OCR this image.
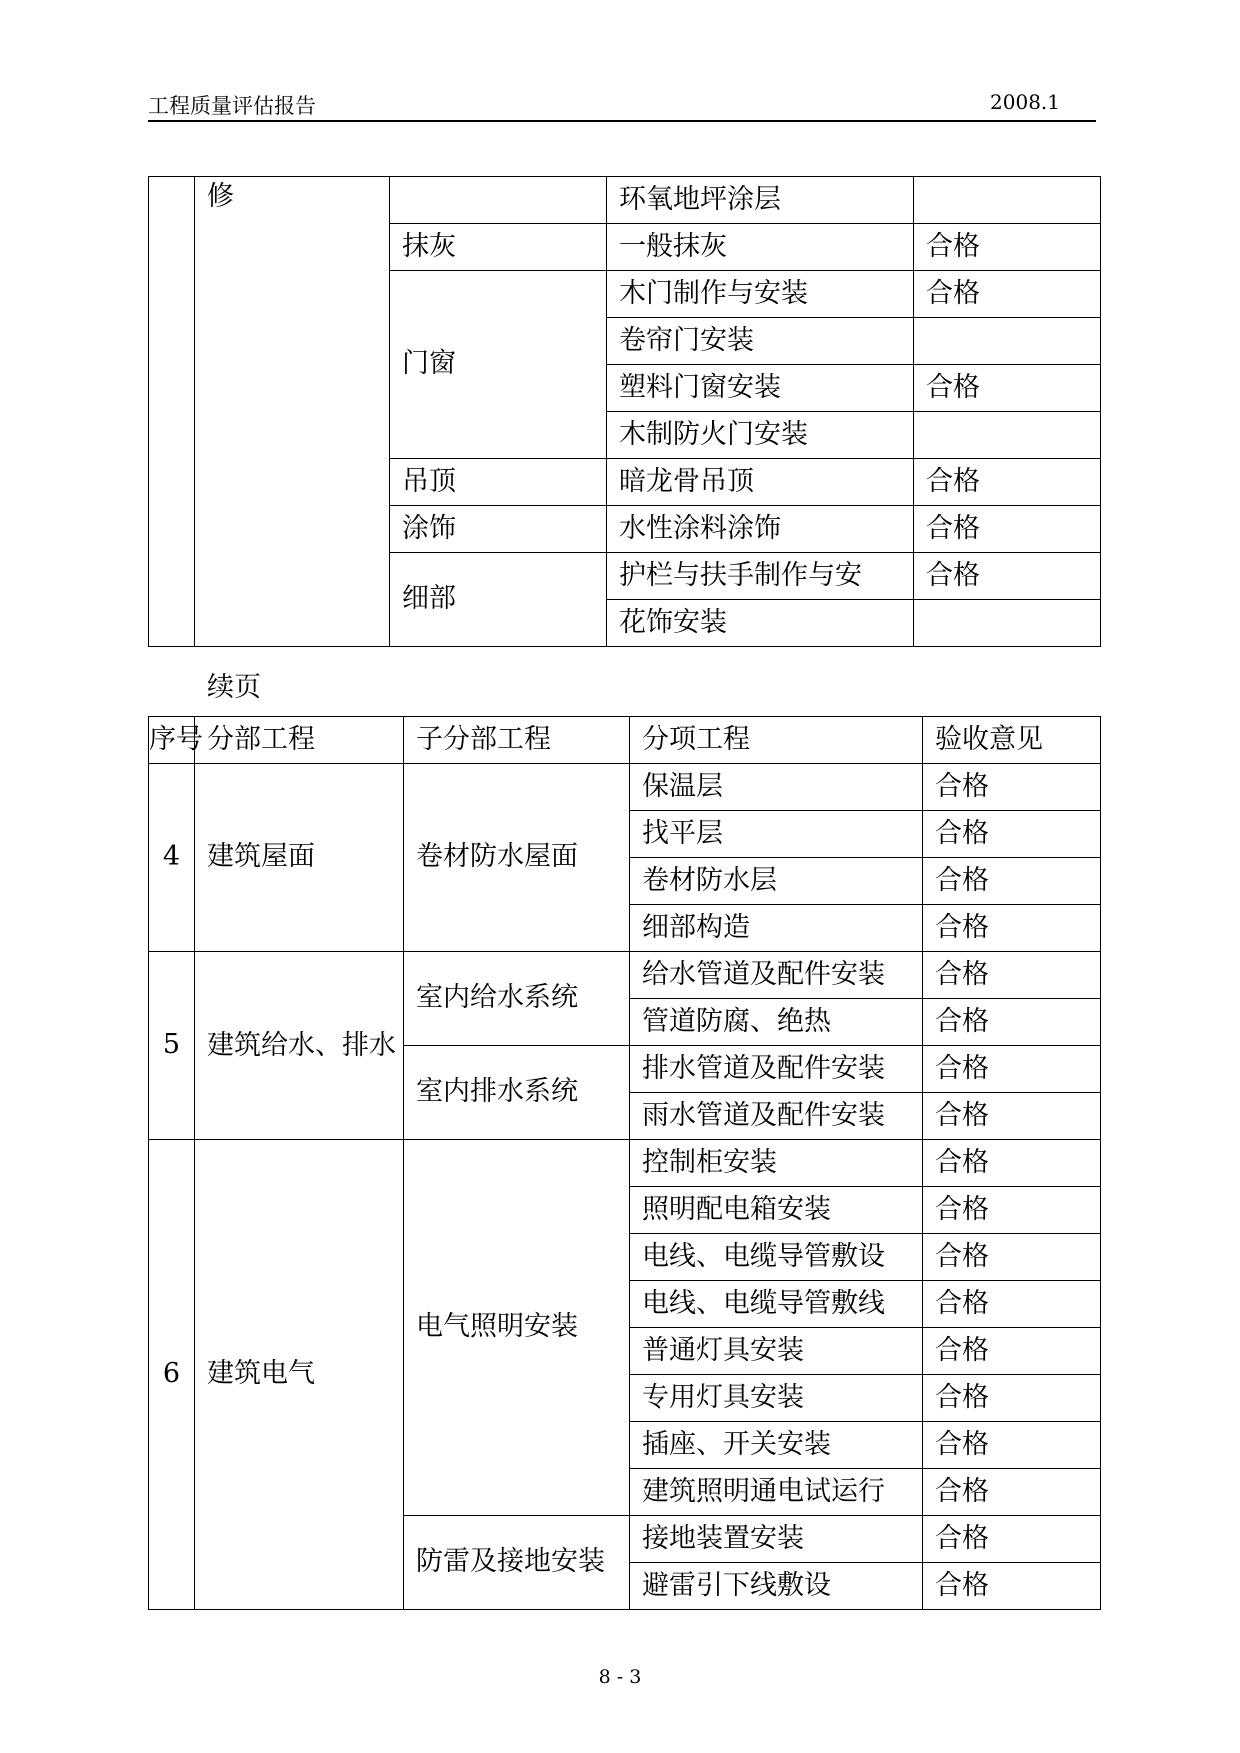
工程质量评估报告	2008.1
	修		环氧地坪涂层	
		抹灰	一般抹灰	合格
		门窗	木门制作与安装	合格
			卷帘门安装	
			塑料门窗安装	合格
			木制防火门安装	
		吊顶	暗龙骨吊顶	合格
		涂饰	水性涂料涂饰	合格
		细部	护栏与扶手制作与安	合格
			花饰安装	
续页
序号	分部工程	子分部工程	分项工程	验收意见
4	建筑屋面	卷材防水屋面	保温层	合格
			找平层	合格
			卷材防水层	合格
			细部构造	合格
5	建筑给水、排水	室内给水系统	给水管道及配件安装	合格
			管道防腐、绝热	合格
		室内排水系统	排水管道及配件安装	合格
			雨水管道及配件安装	合格
6	建筑电气	电气照明安装	控制柜安装	合格
			照明配电箱安装	合格
			电线、电缆导管敷设	合格
			电线、电缆导管敷线	合格
			普通灯具安装	合格
			专用灯具安装	合格
			插座、开关安装	合格
			建筑照明通电试运行	合格
		防雷及接地安装	接地装置安装	合格
			避雷引下线敷设	合格
8 - 3
